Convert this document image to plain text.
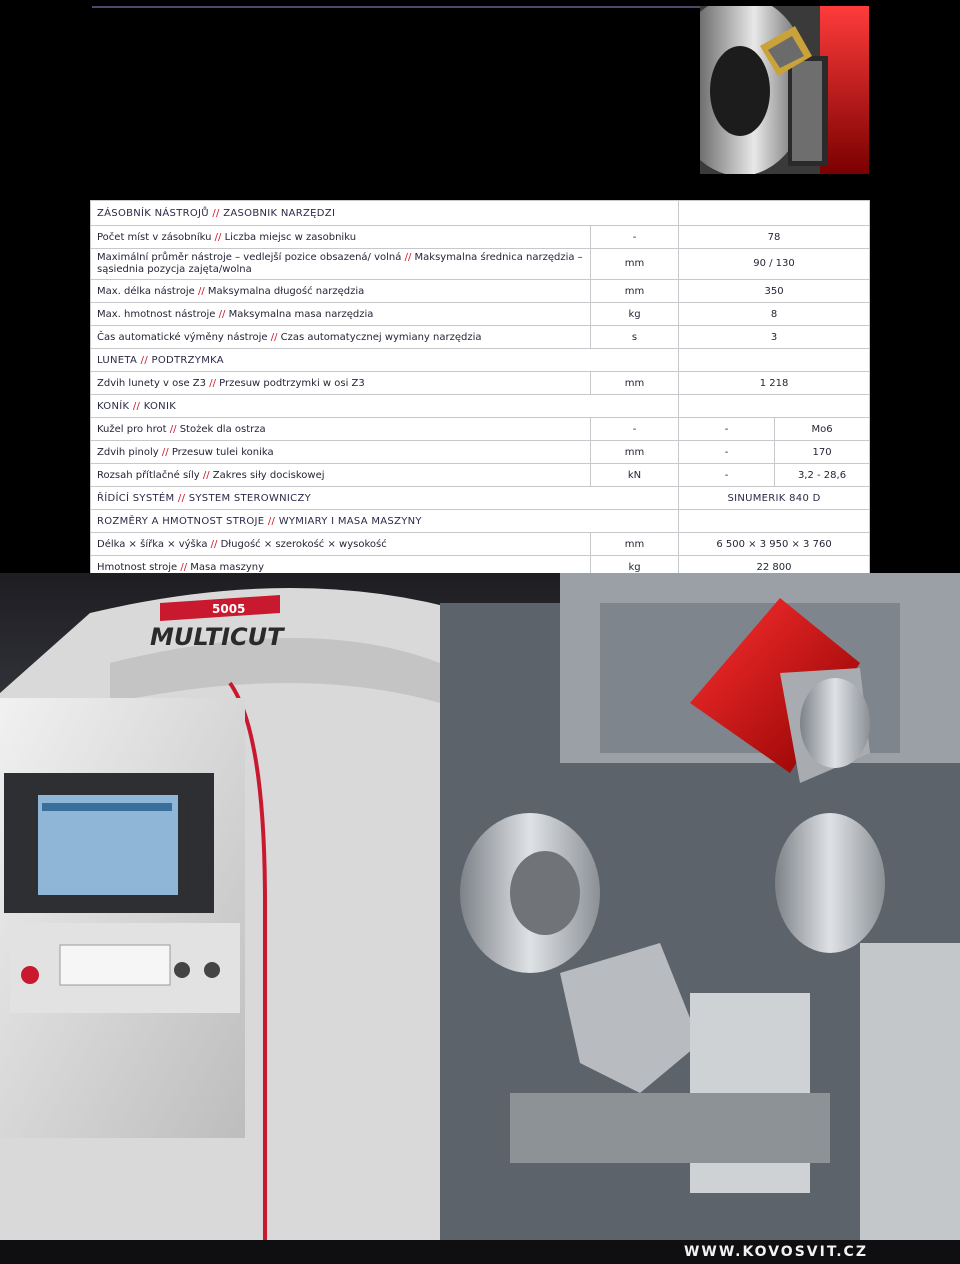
ZÁSOBNÍK NÁSTROJŮ // ZASOBNIK NARZĘDZI			
Počet míst v zásobníku // Liczba miejsc w zasobniku	-	78	
Maximální průměr nástroje – vedlejší pozice obsazená/ volná // Maksymalna średnica narzędzia – sąsiednia pozycja zajęta/wolna	mm	90 / 130	
Max. délka nástroje // Maksymalna długość narzędzia	mm	350	
Max. hmotnost nástroje // Maksymalna masa narzędzia	kg	8	
Čas automatické výměny nástroje // Czas automatycznej wymiany narzędzia	s	3	
LUNETA // PODTRZYMKA			
Zdvih lunety v ose Z3 // Przesuw podtrzymki w osi Z3	mm	1 218	
KONÍK // KONIK			
Kužel pro hrot // Stożek dla ostrza	-	-	Mo6
Zdvih pinoly // Przesuw tulei konika	mm	-	170
Rozsah přítlačné síly // Zakres siły dociskowej	kN	-	3,2 - 28,6
ŘÍDÍCÍ SYSTÉM // SYSTEM STEROWNICZY		SINUMERIK 840 D	
ROZMĚRY A HMOTNOST STROJE // WYMIARY I MASA MASZYNY			
Délka × šířka × výška // Długość × szerokość × wysokość	mm	6 500 × 3 950 × 3 760	
Hmotnost stroje // Masa maszyny	kg	22 800	
MULTICUT
5005
WWW.KOVOSVIT.CZ
